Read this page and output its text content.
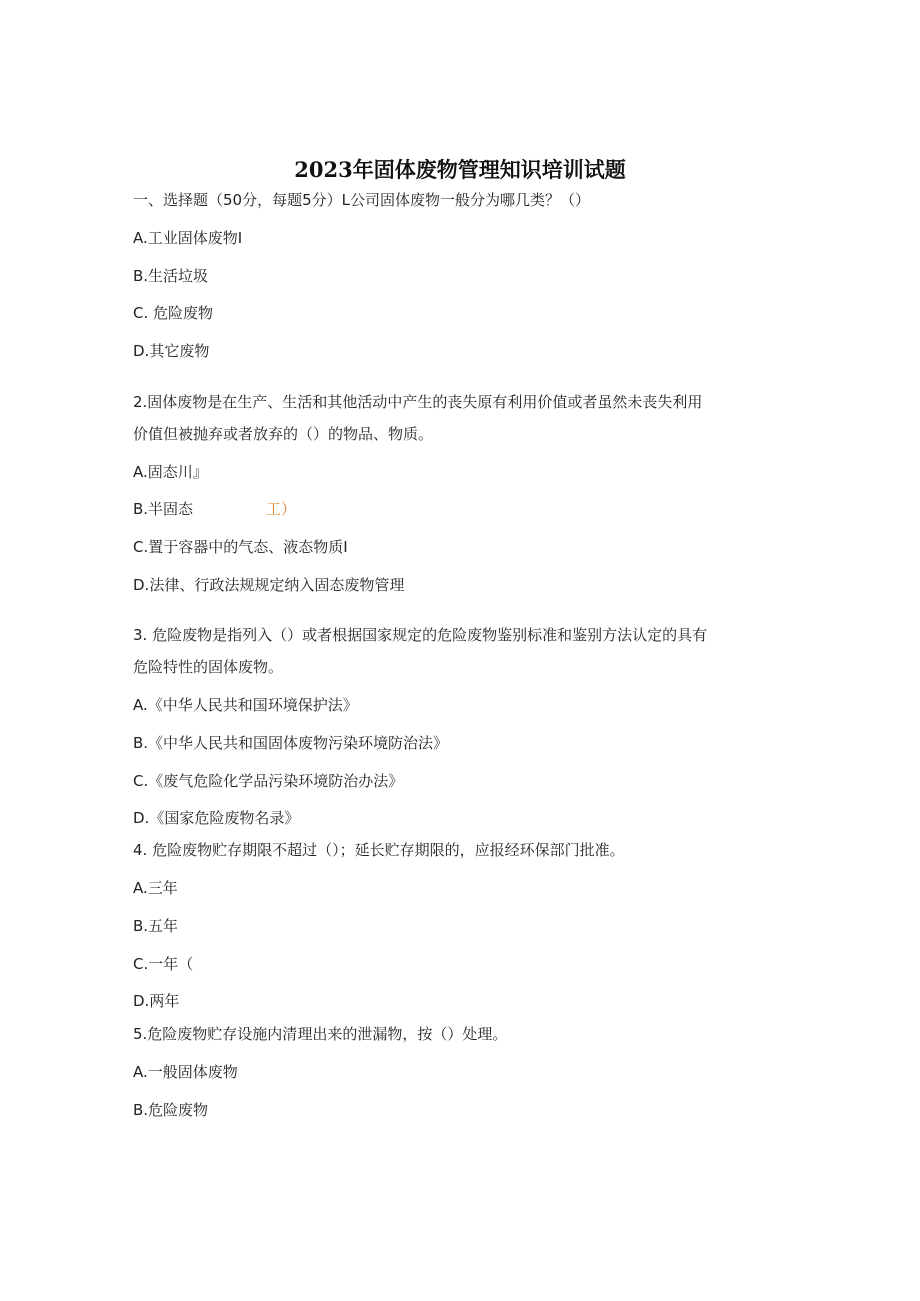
2023年固体废物管理知识培训试题
一、选择题（50分，每题5分）L公司固体废物一般分为哪几类？（）
A.工业固体废物I
B.生活垃圾
C. 危险废物
D.其它废物
2.固体废物是在生产、生活和其他活动中产生的丧失原有利用价值或者虽然未丧失利用
价值但被抛弃或者放弃的（）的物品、物质。
A.固态川』
B.半固态	工）
C.置于容器中的气态、液态物质I
D.法律、行政法规规定纳入固态废物管理
3. 危险废物是指列入（）或者根据国家规定的危险废物鉴别标准和鉴别方法认定的具有
危险特性的固体废物。
A.《中华人民共和国环境保护法》
B.《中华人民共和国固体废物污染环境防治法》
C.《废气危险化学品污染环境防治办法》
D.《国家危险废物名录》
4. 危险废物贮存期限不超过（）；延长贮存期限的，应报经环保部门批准。
A.三年
B.五年
C.一年（
D.两年
5.危险废物贮存设施内清理出来的泄漏物，按（）处理。
A.一般固体废物
B.危险废物
